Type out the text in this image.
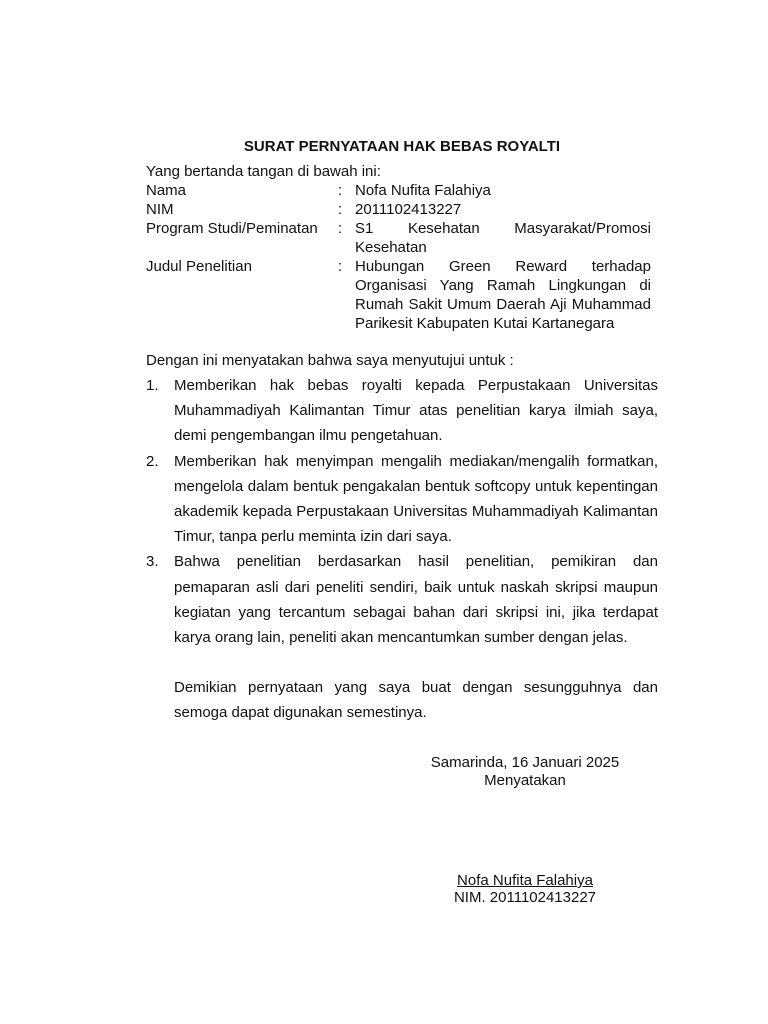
SURAT PERNYATAAN HAK BEBAS ROYALTI
Yang bertanda tangan di bawah ini:
Nama	: Nofa Nufita Falahiya
NIM	: 2011102413227
Program Studi/Peminatan : S1 Kesehatan Masyarakat/Promosi Kesehatan
Judul Penelitian	: Hubungan Green Reward terhadap Organisasi Yang Ramah Lingkungan di Rumah Sakit Umum Daerah Aji Muhammad Parikesit Kabupaten Kutai Kartanegara
Dengan ini menyatakan bahwa saya menyutujui untuk :
1. Memberikan hak bebas royalti kepada Perpustakaan Universitas Muhammadiyah Kalimantan Timur atas penelitian karya ilmiah saya, demi pengembangan ilmu pengetahuan.
2. Memberikan hak menyimpan mengalih mediakan/mengalih formatkan, mengelola dalam bentuk pengakalan bentuk softcopy untuk kepentingan akademik kepada Perpustakaan Universitas Muhammadiyah Kalimantan Timur, tanpa perlu meminta izin dari saya.
3. Bahwa penelitian berdasarkan hasil penelitian, pemikiran dan pemaparan asli dari peneliti sendiri, baik untuk naskah skripsi maupun kegiatan yang tercantum sebagai bahan dari skripsi ini, jika terdapat karya orang lain, peneliti akan mencantumkan sumber dengan jelas.
Demikian pernyataan yang saya buat dengan sesungguhnya dan semoga dapat digunakan semestinya.
Samarinda, 16 Januari 2025
Menyatakan
Nofa Nufita Falahiya
NIM. 2011102413227
